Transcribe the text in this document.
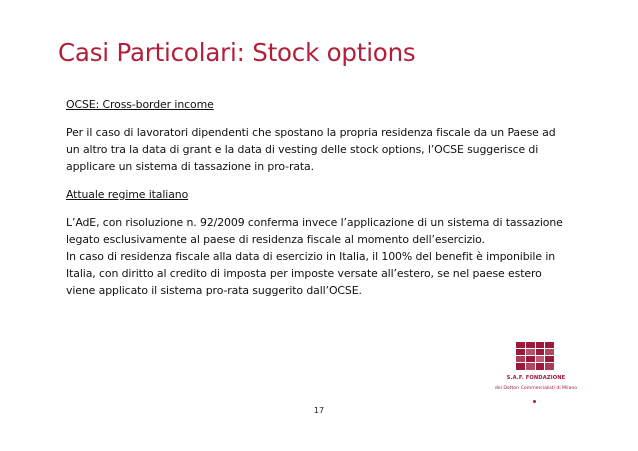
Casi Particolari: Stock options

OCSE: Cross-border income

Per il caso di lavoratori dipendenti che spostano la propria residenza fiscale da un Paese ad

un altro tra la data di grant e la data di vesting delle stock options, l’OCSE suggerisce di

applicare un sistema di tassazione in pro-rata.

Attuale regime italiano

L’AdE, con risoluzione n. 92/2009 conferma invece l’applicazione di un sistema di tassazione

legato esclusivamente al paese di residenza fiscale al momento dell’esercizio.

In caso di residenza fiscale alla data di esercizio in Italia, il 100% del benefit è imponibile in

Italia, con diritto al credito di imposta per imposte versate all’estero, se nel paese estero

viene applicato il sistema pro-rata suggerito dall’OCSE.

S.A.F. FONDAZIONE
dei Dottori Commercialisti di Milano
17
